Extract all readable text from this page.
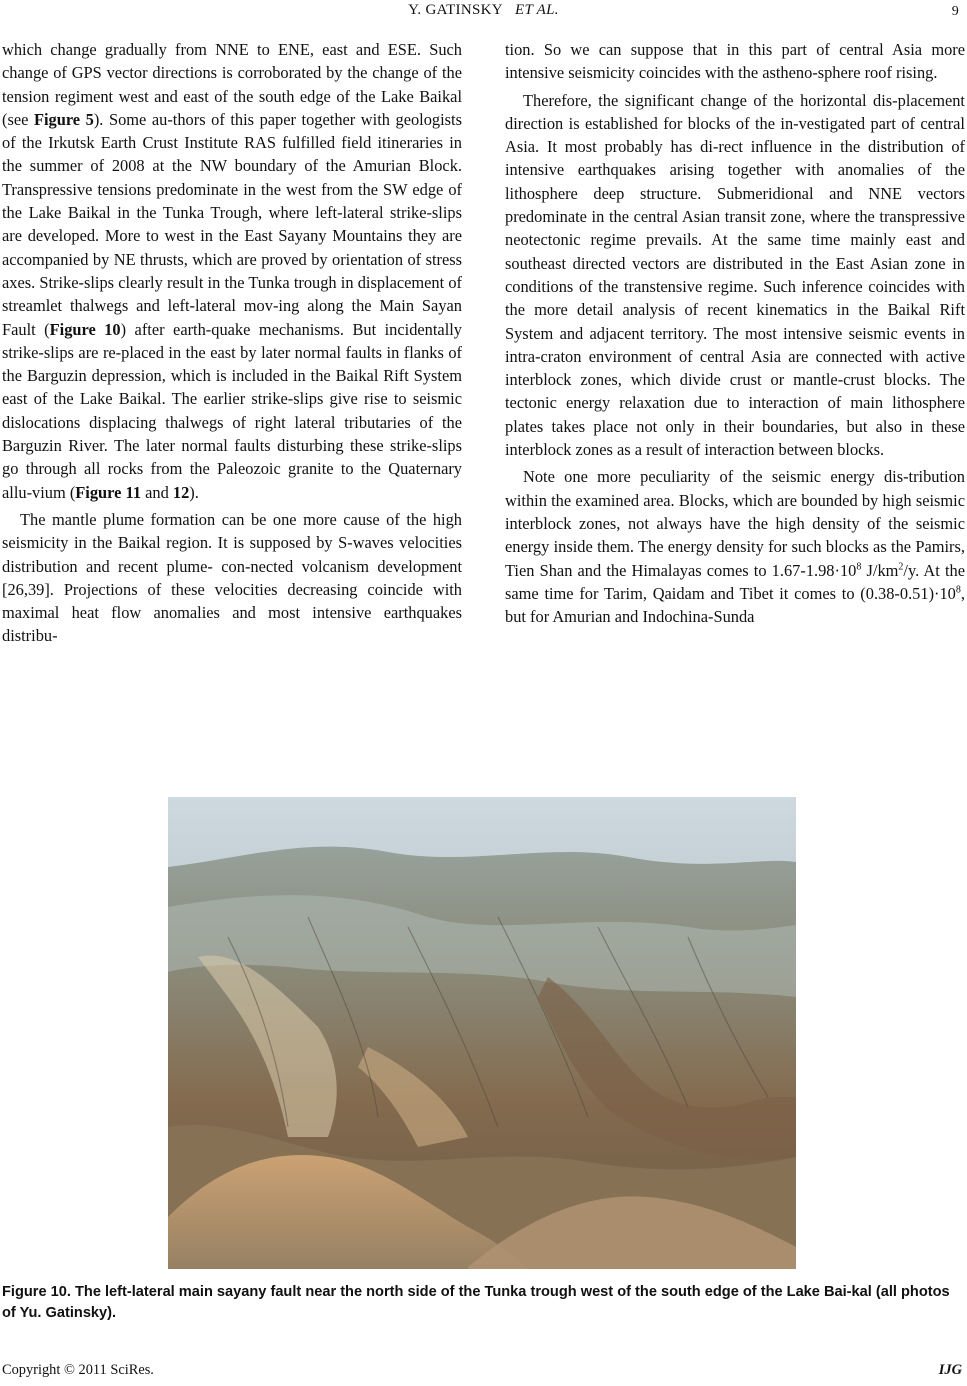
Y. GATINSKY ET AL.	9

which change gradually from NNE to ENE, east and ESE. Such change of GPS vector directions is corroborated by the change of the tension regiment west and east of the south edge of the Lake Baikal (see Figure 5). Some au-thors of this paper together with geologists of the Irkutsk Earth Crust Institute RAS fulfilled field itineraries in the summer of 2008 at the NW boundary of the Amurian Block. Transpressive tensions predominate in the west from the SW edge of the Lake Baikal in the Tunka Trough, where left-lateral strike-slips are developed. More to west in the East Sayany Mountains they are accompanied by NE thrusts, which are proved by orientation of stress axes. Strike-slips clearly result in the Tunka trough in displacement of streamlet thalwegs and left-lateral mov-ing along the Main Sayan Fault (Figure 10) after earth-quake mechanisms. But incidentally strike-slips are re-placed in the east by later normal faults in flanks of the Barguzin depression, which is included in the Baikal Rift System east of the Lake Baikal. The earlier strike-slips give rise to seismic dislocations displacing thalwegs of right lateral tributaries of the Barguzin River. The later normal faults disturbing these strike-slips go through all rocks from the Paleozoic granite to the Quaternary allu-vium (Figure 11 and 12).

The mantle plume formation can be one more cause of the high seismicity in the Baikal region. It is supposed by S-waves velocities distribution and recent plume- con-nected volcanism development [26,39]. Projections of these velocities decreasing coincide with maximal heat flow anomalies and most intensive earthquakes distribu-

tion. So we can suppose that in this part of central Asia more intensive seismicity coincides with the astheno-sphere roof rising.

Therefore, the significant change of the horizontal dis-placement direction is established for blocks of the in-vestigated part of central Asia. It most probably has di-rect influence in the distribution of intensive earthquakes arising together with anomalies of the lithosphere deep structure. Submeridional and NNE vectors predominate in the central Asian transit zone, where the transpressive neotectonic regime prevails. At the same time mainly east and southeast directed vectors are distributed in the East Asian zone in conditions of the transtensive regime. Such inference coincides with the more detail analysis of recent kinematics in the Baikal Rift System and adjacent territory. The most intensive seismic events in intra-craton environment of central Asia are connected with active interblock zones, which divide crust or mantle-crust blocks. The tectonic energy relaxation due to interaction of main lithosphere plates takes place not only in their boundaries, but also in these interblock zones as a result of interaction between blocks.

Note one more peculiarity of the seismic energy dis-tribution within the examined area. Blocks, which are bounded by high seismic interblock zones, not always have the high density of the seismic energy inside them. The energy density for such blocks as the Pamirs, Tien Shan and the Himalayas comes to $1.67-1.98\cdot 10^8$ $J/km^2/y$. At the same time for Tarim, Qaidam and Tibet it comes to $(0.38-0.51)\cdot 10^8$, but for Amurian and Indochina-Sunda

Figure 10. The left-lateral main sayany fault near the north side of the Tunka trough west of the south edge of the Lake Bai-kal (all photos of Yu. Gatinsky).
Copyright © 2011 SciRes.	IJG
